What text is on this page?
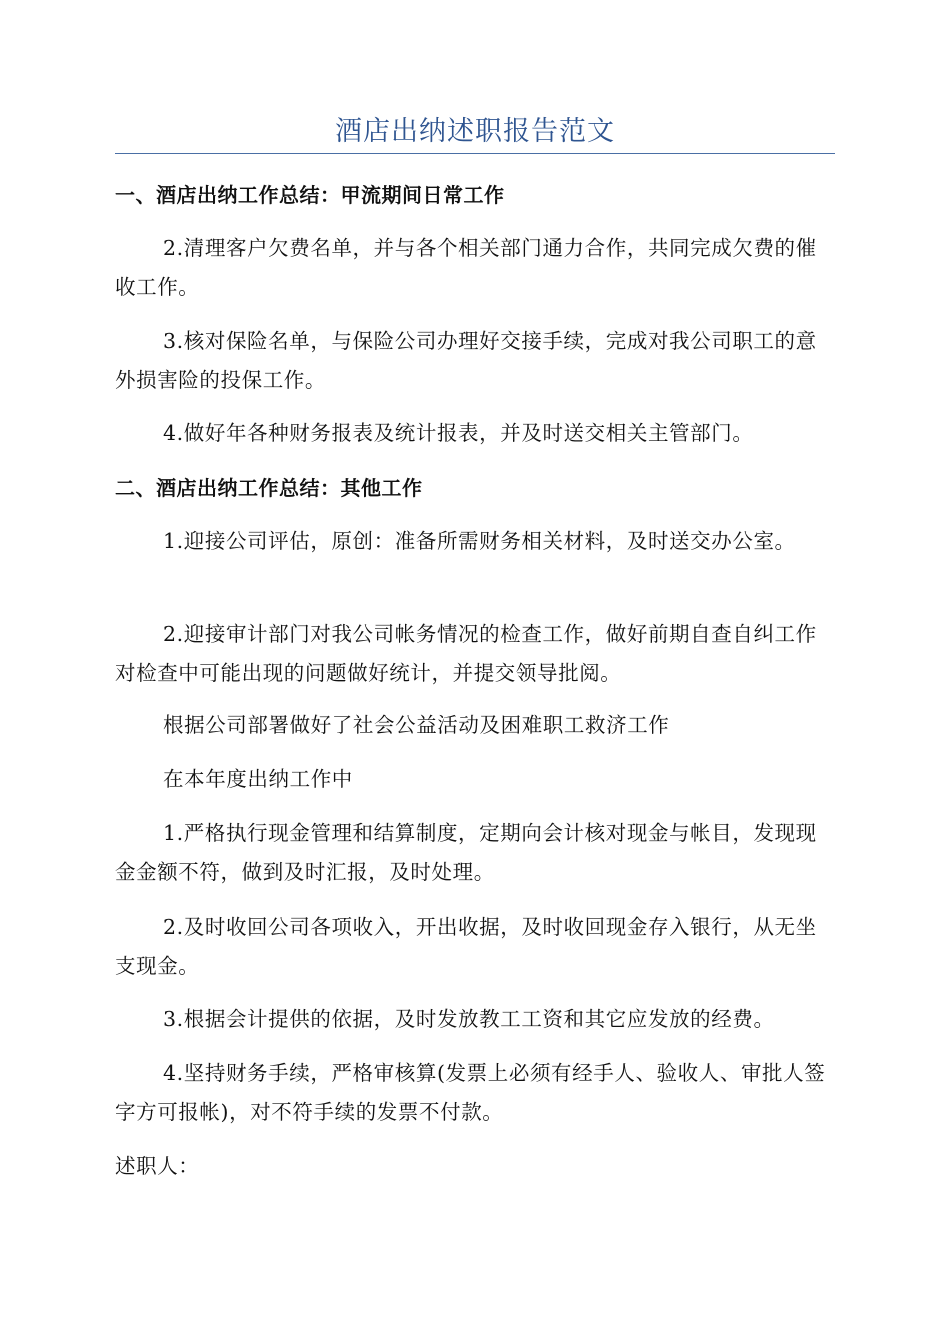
酒店出纳述职报告范文
一、酒店出纳工作总结：甲流期间日常工作
2.清理客户欠费名单，并与各个相关部门通力合作，共同完成欠费的催收工作。
3.核对保险名单，与保险公司办理好交接手续，完成对我公司职工的意外损害险的投保工作。
4.做好年各种财务报表及统计报表，并及时送交相关主管部门。
二、酒店出纳工作总结：其他工作
1.迎接公司评估，原创：准备所需财务相关材料，及时送交办公室。
2.迎接审计部门对我公司帐务情况的检查工作，做好前期自查自纠工作对检查中可能出现的问题做好统计，并提交领导批阅。
根据公司部署做好了社会公益活动及困难职工救济工作
在本年度出纳工作中
1.严格执行现金管理和结算制度，定期向会计核对现金与帐目，发现现金金额不符，做到及时汇报，及时处理。
2.及时收回公司各项收入，开出收据，及时收回现金存入银行，从无坐支现金。
3.根据会计提供的依据，及时发放教工工资和其它应发放的经费。
4.坚持财务手续，严格审核算(发票上必须有经手人、验收人、审批人签字方可报帐)，对不符手续的发票不付款。
述职人：
